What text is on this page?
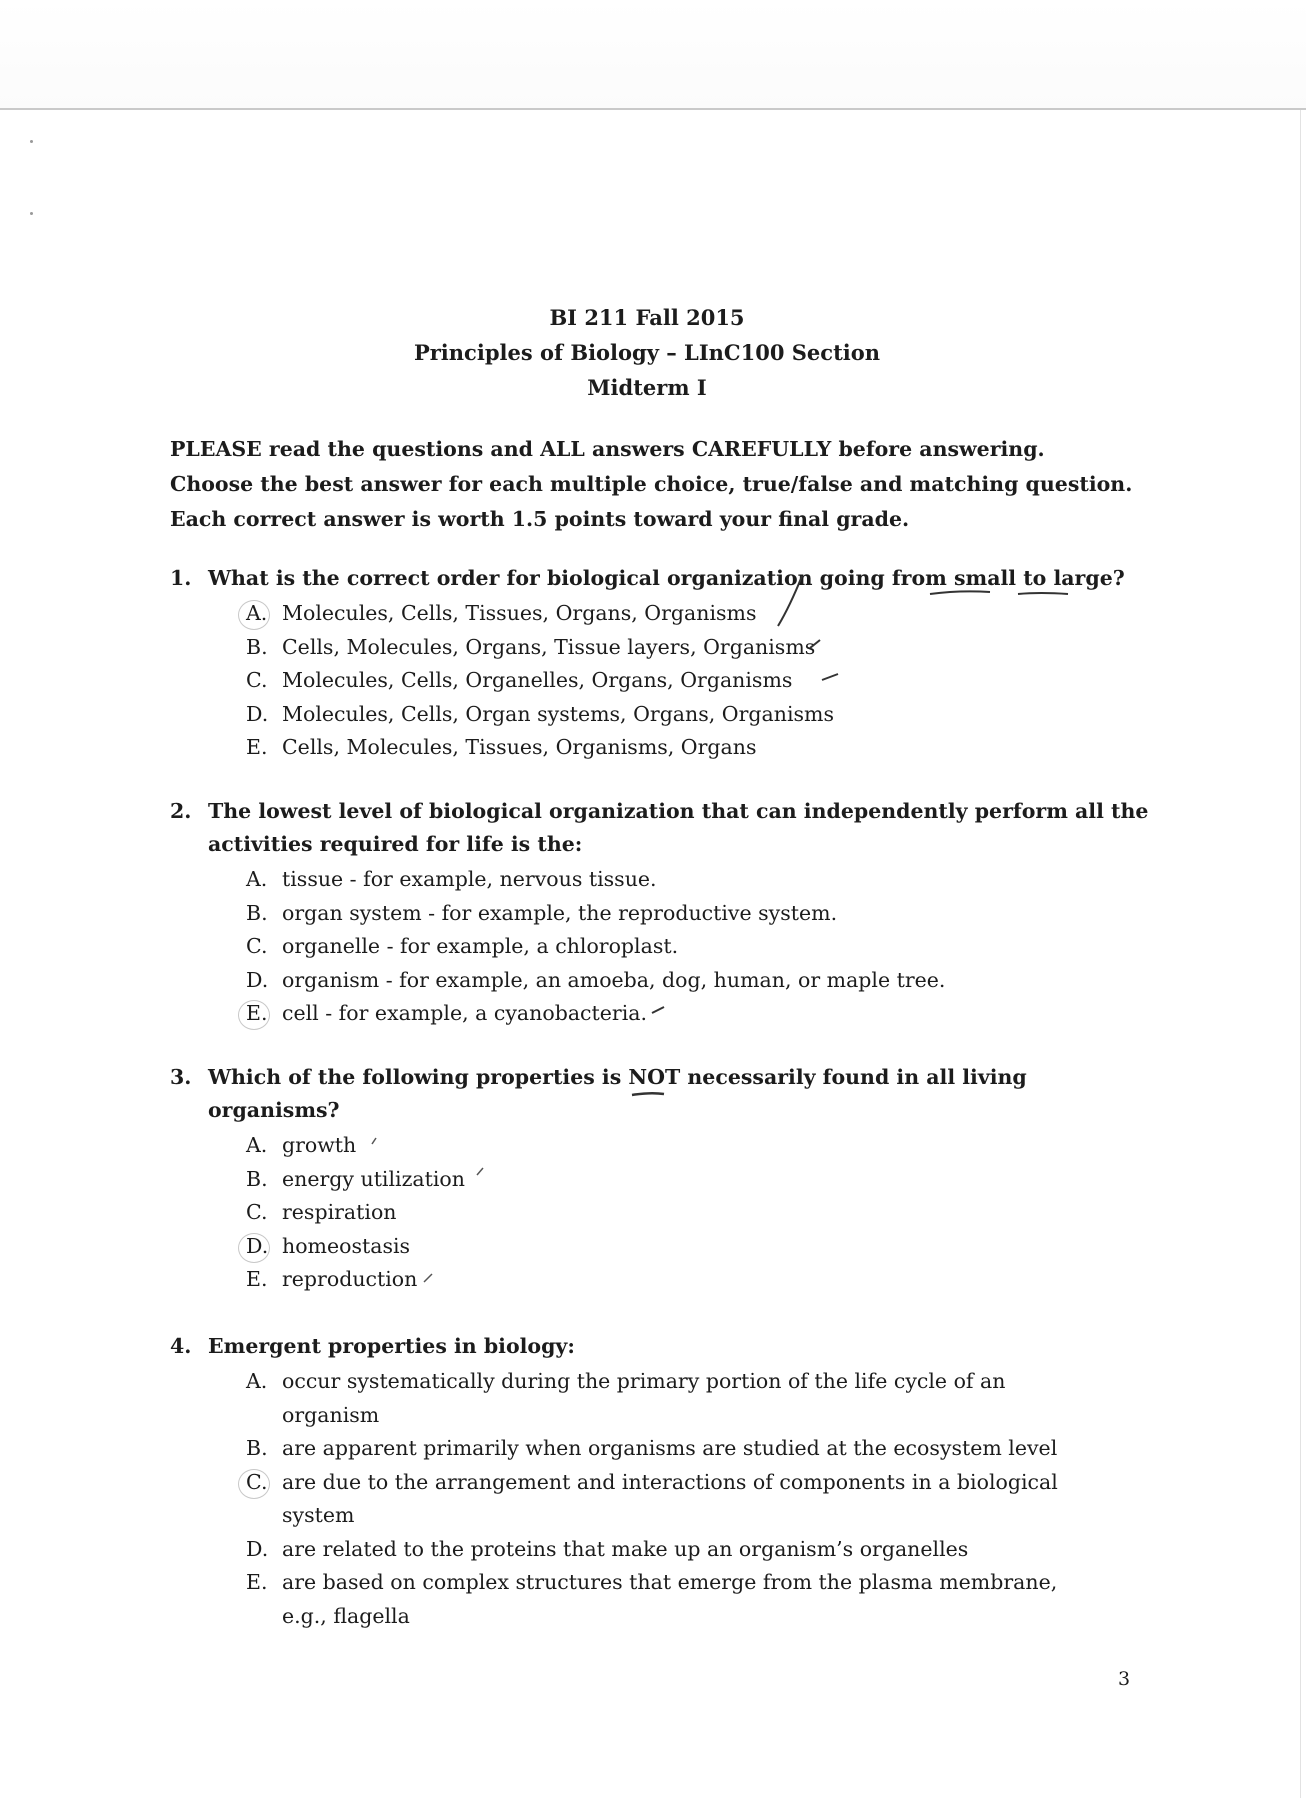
BI 211 Fall 2015
Principles of Biology – LInC100 Section
Midterm I
PLEASE read the questions and ALL answers CAREFULLY before answering.
Choose the best answer for each multiple choice, true/false and matching question.
Each correct answer is worth 1.5 points toward your final grade.
1. What is the correct order for biological organization going from small to large?
A. Molecules, Cells, Tissues, Organs, Organisms
B. Cells, Molecules, Organs, Tissue layers, Organisms
C. Molecules, Cells, Organelles, Organs, Organisms
D. Molecules, Cells, Organ systems, Organs, Organisms
E. Cells, Molecules, Tissues, Organisms, Organs
2. The lowest level of biological organization that can independently perform all the activities required for life is the:
A. tissue - for example, nervous tissue.
B. organ system - for example, the reproductive system.
C. organelle - for example, a chloroplast.
D. organism - for example, an amoeba, dog, human, or maple tree.
E. cell - for example, a cyanobacteria.
3. Which of the following properties is NOT necessarily found in all living organisms?
A. growth
B. energy utilization
C. respiration
D. homeostasis
E. reproduction
4. Emergent properties in biology:
A. occur systematically during the primary portion of the life cycle of an organism
B. are apparent primarily when organisms are studied at the ecosystem level
C. are due to the arrangement and interactions of components in a biological system
D. are related to the proteins that make up an organism’s organelles
E. are based on complex structures that emerge from the plasma membrane, e.g., flagella
3
